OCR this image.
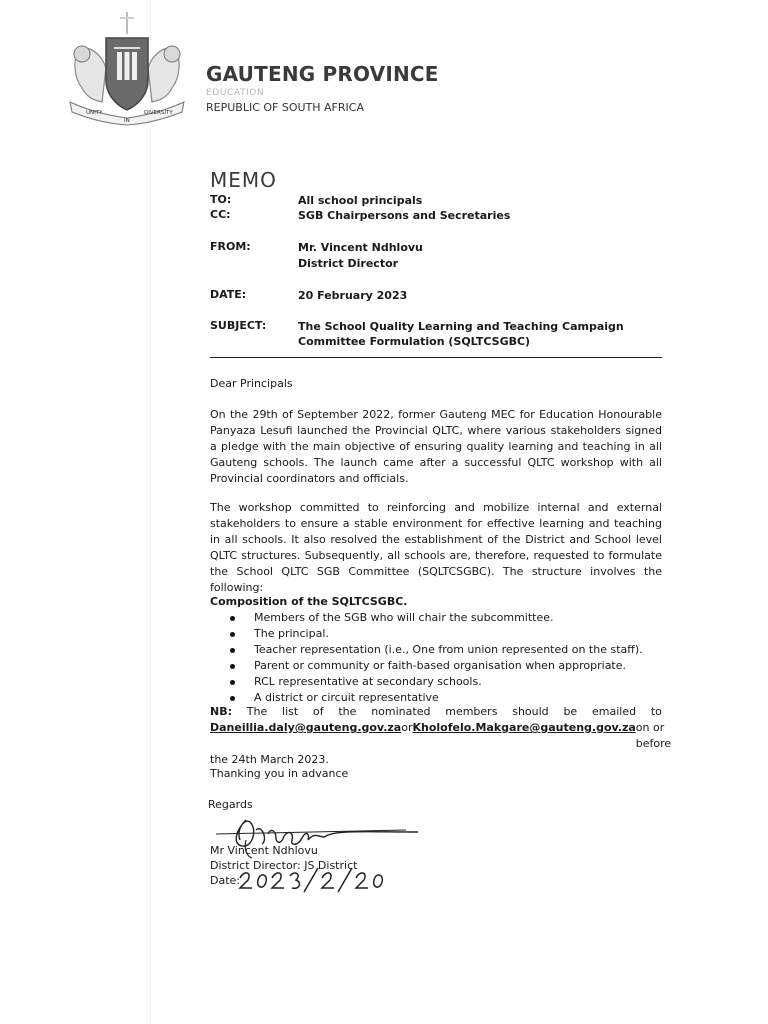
UNITY
IN
DIVERSITY
GAUTENG PROVINCE
EDUCATION
REPUBLIC OF SOUTH AFRICA
MEMO
TO:	All school principals
CC:	SGB Chairpersons and Secretaries
FROM:	Mr. Vincent Ndhlovu
District Director
DATE:	20 February 2023
SUBJECT:	The School Quality Learning and Teaching Campaign Committee Formulation (SQLTCSGBC)
Dear Principals
On the 29th of September 2022, former Gauteng MEC for Education Honourable Panyaza Lesufi launched the Provincial QLTC, where various stakeholders signed a pledge with the main objective of ensuring quality learning and teaching in all Gauteng schools. The launch came after a successful QLTC workshop with all Provincial coordinators and officials.
The workshop committed to reinforcing and mobilize internal and external stakeholders to ensure a stable environment for effective learning and teaching in all schools. It also resolved the establishment of the District and School level QLTC structures. Subsequently, all schools are, therefore, requested to formulate the School QLTC SGB Committee (SQLTCSGBC). The structure involves the following:
Composition of the SQLTCSGBC.
Members of the SGB who will chair the subcommittee.
The principal.
Teacher representation (i.e., One from union represented on the staff).
Parent or community or faith-based organisation when appropriate.
RCL representative at secondary schools.
A district or circuit representative
NB: The list of the nominated members should be emailed to
Daneillia.daly@gauteng.gov.za or Kholofelo.Makgare@gauteng.gov.za on or before
the 24th March 2023.
Thanking you in advance
Regards
Mr Vincent Ndhlovu
District Director: JS District
Date:
